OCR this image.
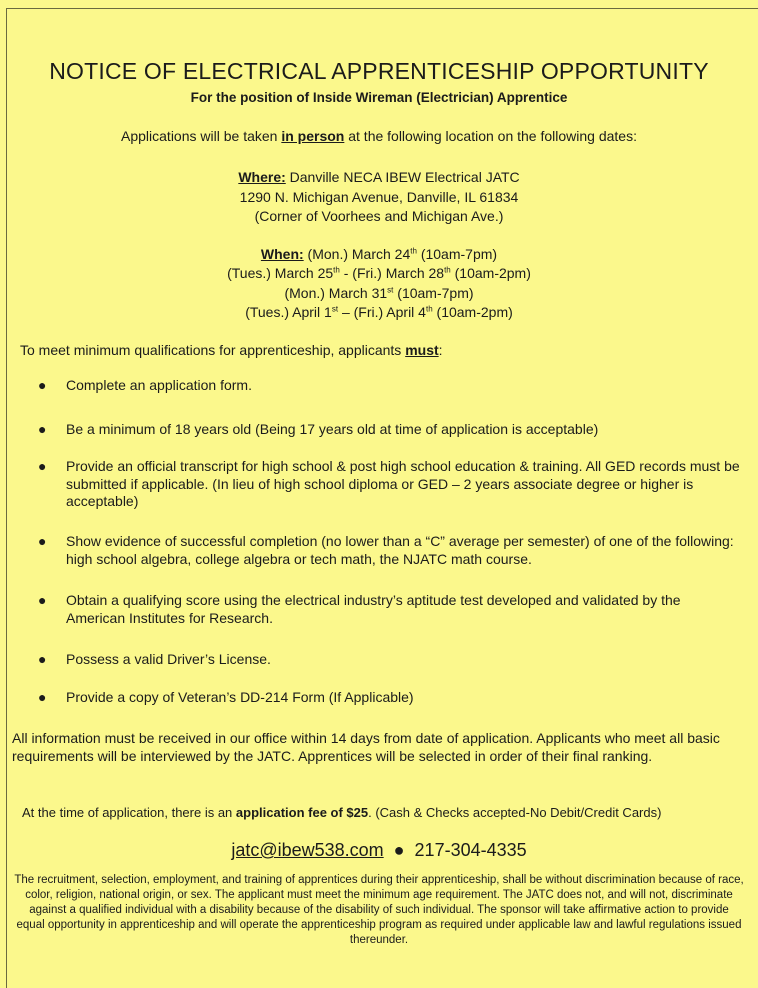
NOTICE OF ELECTRICAL APPRENTICESHIP OPPORTUNITY
For the position of Inside Wireman (Electrician) Apprentice
Applications will be taken in person at the following location on the following dates:
Where: Danville NECA IBEW Electrical JATC
1290 N. Michigan Avenue, Danville, IL 61834
(Corner of Voorhees and Michigan Ave.)
When: (Mon.) March 24th (10am-7pm)
(Tues.) March 25th - (Fri.) March 28th (10am-2pm)
(Mon.) March 31st (10am-7pm)
(Tues.) April 1st – (Fri.) April 4th (10am-2pm)
To meet minimum qualifications for apprenticeship, applicants must:
● Complete an application form.
● Be a minimum of 18 years old (Being 17 years old at time of application is acceptable)
● Provide an official transcript for high school & post high school education & training. All GED records must be submitted if applicable. (In lieu of high school diploma or GED – 2 years associate degree or higher is acceptable)
● Show evidence of successful completion (no lower than a “C” average per semester) of one of the following: high school algebra, college algebra or tech math, the NJATC math course.
● Obtain a qualifying score using the electrical industry’s aptitude test developed and validated by the American Institutes for Research.
● Possess a valid Driver’s License.
● Provide a copy of Veteran’s DD-214 Form (If Applicable)
All information must be received in our office within 14 days from date of application. Applicants who meet all basic requirements will be interviewed by the JATC. Apprentices will be selected in order of their final ranking.
At the time of application, there is an application fee of $25. (Cash & Checks accepted-No Debit/Credit Cards)
jatc@ibew538.com ● 217-304-4335
The recruitment, selection, employment, and training of apprentices during their apprenticeship, shall be without discrimination because of race, color, religion, national origin, or sex. The applicant must meet the minimum age requirement. The JATC does not, and will not, discriminate against a qualified individual with a disability because of the disability of such individual. The sponsor will take affirmative action to provide equal opportunity in apprenticeship and will operate the apprenticeship program as required under applicable law and lawful regulations issued thereunder.
